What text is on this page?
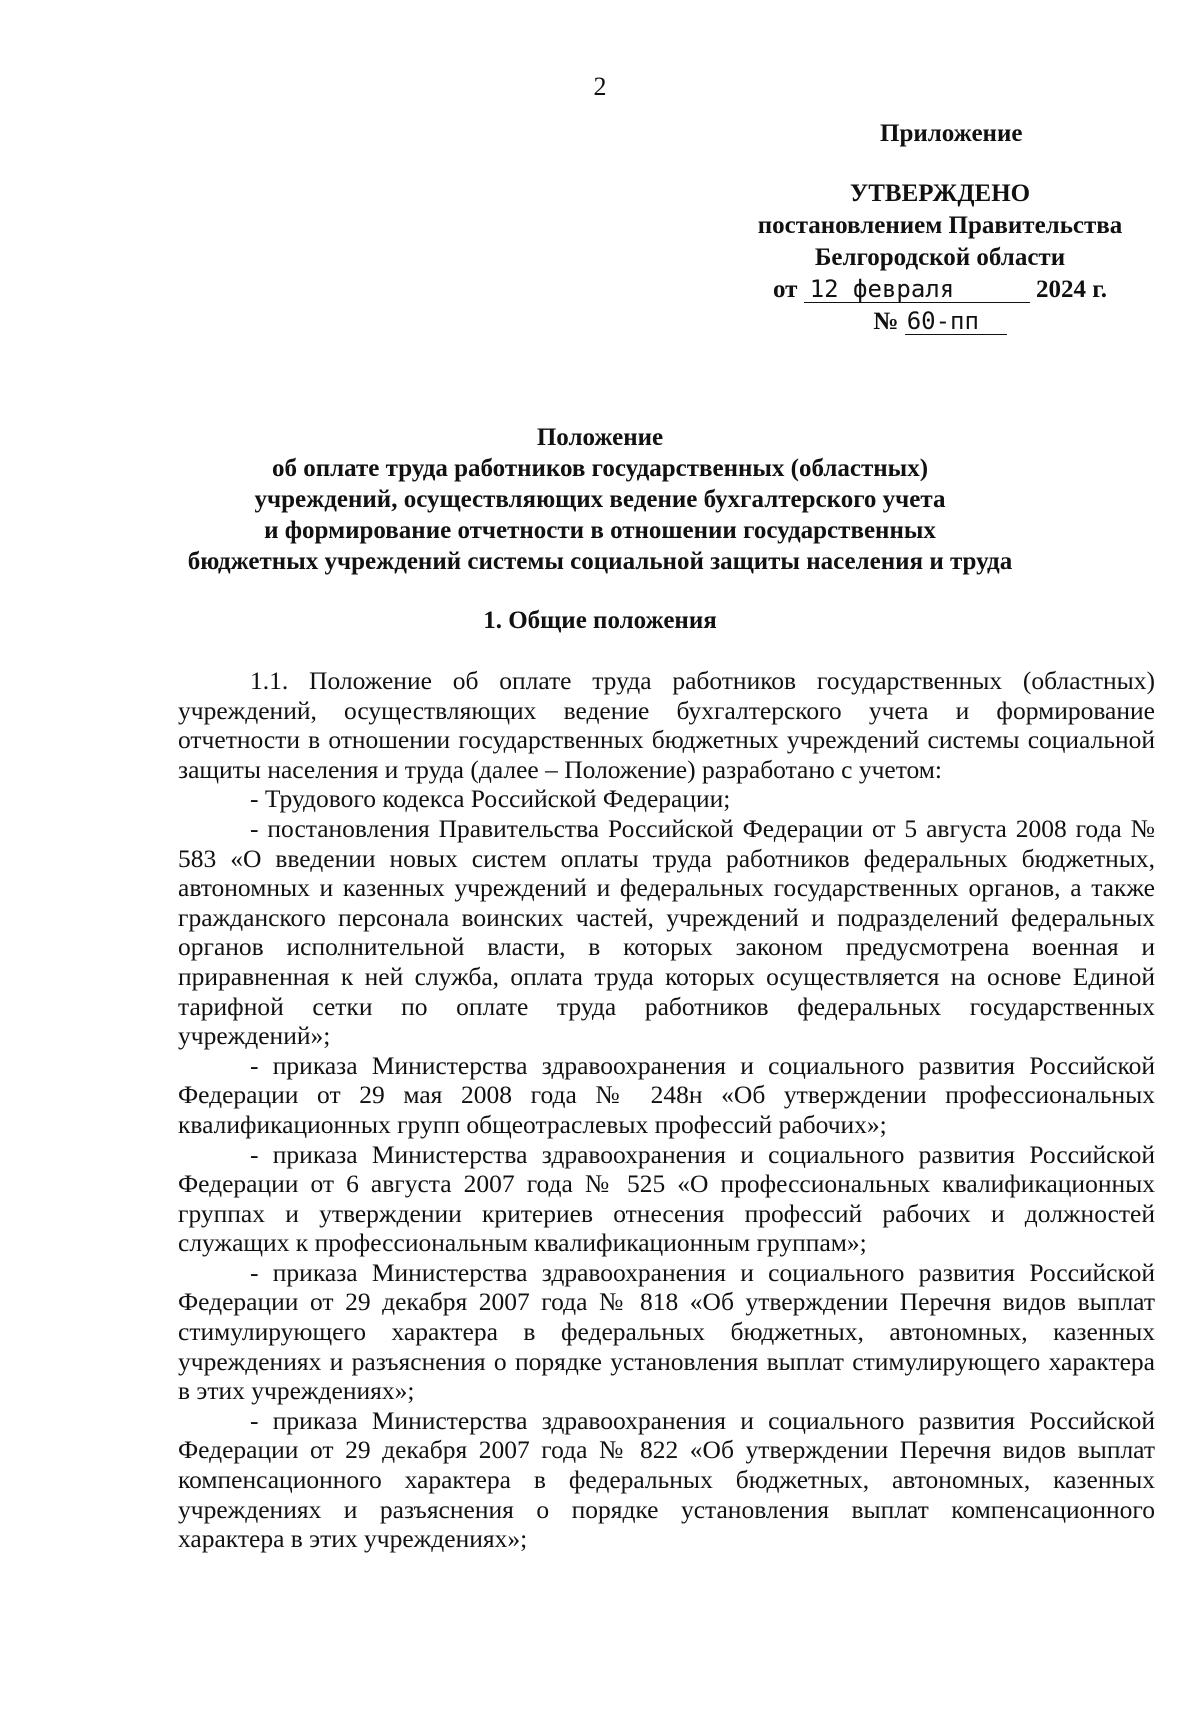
2
Приложение
УТВЕРЖДЕНО
постановлением Правительства
Белгородской области
от 12 февраля	2024 г.
№ 60-пп
Положение
об оплате труда работников государственных (областных)
учреждений, осуществляющих ведение бухгалтерского учета
и формирование отчетности в отношении государственных
бюджетных учреждений системы социальной защиты населения и труда
1. Общие положения

1.1. Положение об оплате труда работников государственных (областных) учреждений, осуществляющих ведение бухгалтерского учета и формирование отчетности в отношении государственных бюджетных учреждений системы социальной защиты населения и труда (далее – Положение) разработано с учетом:

- Трудового кодекса Российской Федерации;

- постановления Правительства Российской Федерации от 5 августа 2008 года № 583 «О введении новых систем оплаты труда работников федеральных бюджетных, автономных и казенных учреждений и федеральных государственных органов, а также гражданского персонала воинских частей, учреждений и подразделений федеральных органов исполнительной власти, в которых законом предусмотрена военная и приравненная к ней служба, оплата труда которых осуществляется на основе Единой тарифной сетки по оплате труда работников федеральных государственных учреждений»;

- приказа Министерства здравоохранения и социального развития Российской Федерации от 29 мая 2008 года № 248н «Об утверждении профессиональных квалификационных групп общеотраслевых профессий рабочих»;

- приказа Министерства здравоохранения и социального развития Российской Федерации от 6 августа 2007 года № 525 «О профессиональных квалификационных группах и утверждении критериев отнесения профессий рабочих и должностей служащих к профессиональным квалификационным группам»;

- приказа Министерства здравоохранения и социального развития Российской Федерации от 29 декабря 2007 года № 818 «Об утверждении Перечня видов выплат стимулирующего характера в федеральных бюджетных, автономных, казенных учреждениях и разъяснения о порядке установления выплат стимулирующего характера в этих учреждениях»;

- приказа Министерства здравоохранения и социального развития Российской Федерации от 29 декабря 2007 года № 822 «Об утверждении Перечня видов выплат компенсационного характера в федеральных бюджетных, автономных, казенных учреждениях и разъяснения о порядке установления выплат компенсационного характера в этих учреждениях»;
